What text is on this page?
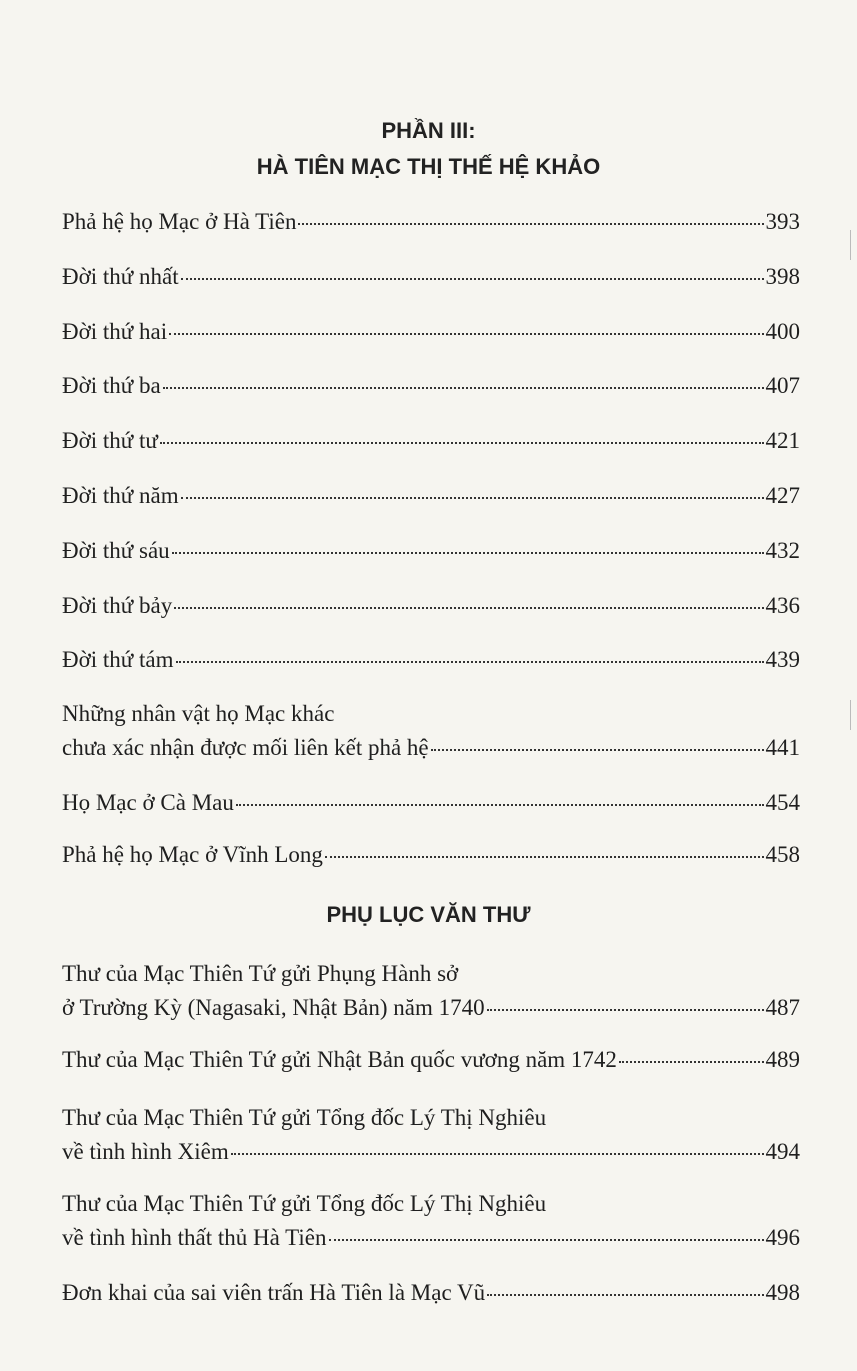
PHẦN III:
HÀ TIÊN MẠC THỊ THẾ HỆ KHẢO
Phả hệ họ Mạc ở Hà Tiên	393
Đời thứ nhất	398
Đời thứ hai	400
Đời thứ ba	407
Đời thứ tư	421
Đời thứ năm	427
Đời thứ sáu	432
Đời thứ bảy	436
Đời thứ tám	439
Những nhân vật họ Mạc khác
chưa xác nhận được mối liên kết phả hệ	441
Họ Mạc ở Cà Mau	454
Phả hệ họ Mạc ở Vĩnh Long	458
PHỤ LỤC VĂN THƯ
Thư của Mạc Thiên Tứ gửi Phụng Hành sở
ở Trường Kỳ (Nagasaki, Nhật Bản) năm 1740	487
Thư của Mạc Thiên Tứ gửi Nhật Bản quốc vương năm 1742	489
Thư của Mạc Thiên Tứ gửi Tổng đốc Lý Thị Nghiêu
về tình hình Xiêm	494
Thư của Mạc Thiên Tứ gửi Tổng đốc Lý Thị Nghiêu
về tình hình thất thủ Hà Tiên	496
Đơn khai của sai viên trấn Hà Tiên là Mạc Vũ	498
